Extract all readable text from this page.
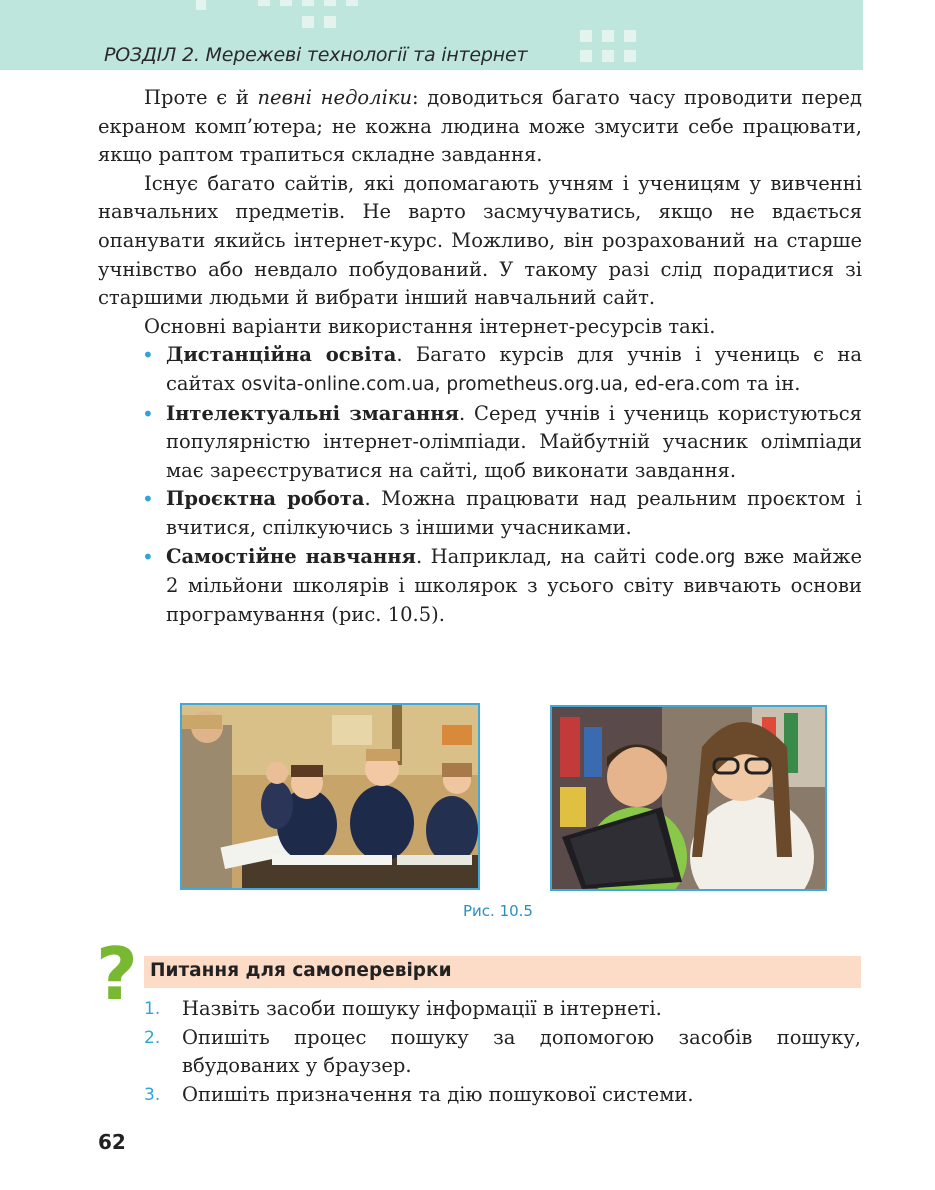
РОЗДІЛ 2. Мережеві технології та інтернет

Проте є й певні недоліки: доводиться багато часу проводити перед екраном комп’ютера; не кожна людина може змусити себе працювати, якщо раптом трапиться складне завдання.

Існує багато сайтів, які допомагають учням і ученицям у вивченні навчальних предметів. Не варто засмучуватись, якщо не вдається опанувати якийсь інтернет-курс. Можливо, він розрахований на старше учнівство або невдало побудований. У такому разі слід порадитися зі старшими людьми й вибрати інший навчальний сайт.

Основні варіанти використання інтернет-ресурсів такі.

• Дистанційна освіта. Багато курсів для учнів і учениць є на сайтах osvita-online.com.ua, prometheus.org.ua, ed-era.com та ін.
• Інтелектуальні змагання. Серед учнів і учениць користуються популярністю інтернет-олімпіади. Майбутній учасник олімпіади має зареєструватися на сайті, щоб виконати завдання.
• Проєктна робота. Можна працювати над реальним проєктом і вчитися, спілкуючись з іншими учасниками.
• Самостійне навчання. Наприклад, на сайті code.org вже майже 2 мільйони школярів і школярок з усього світу вивчають основи програмування (рис. 10.5).
Рис. 10.5
? Питання для самоперевірки
1. Назвіть засоби пошуку інформації в інтернеті.
2. Опишіть процес пошуку за допомогою засобів пошуку, вбудованих у браузер.
3. Опишіть призначення та дію пошукової системи.
62
